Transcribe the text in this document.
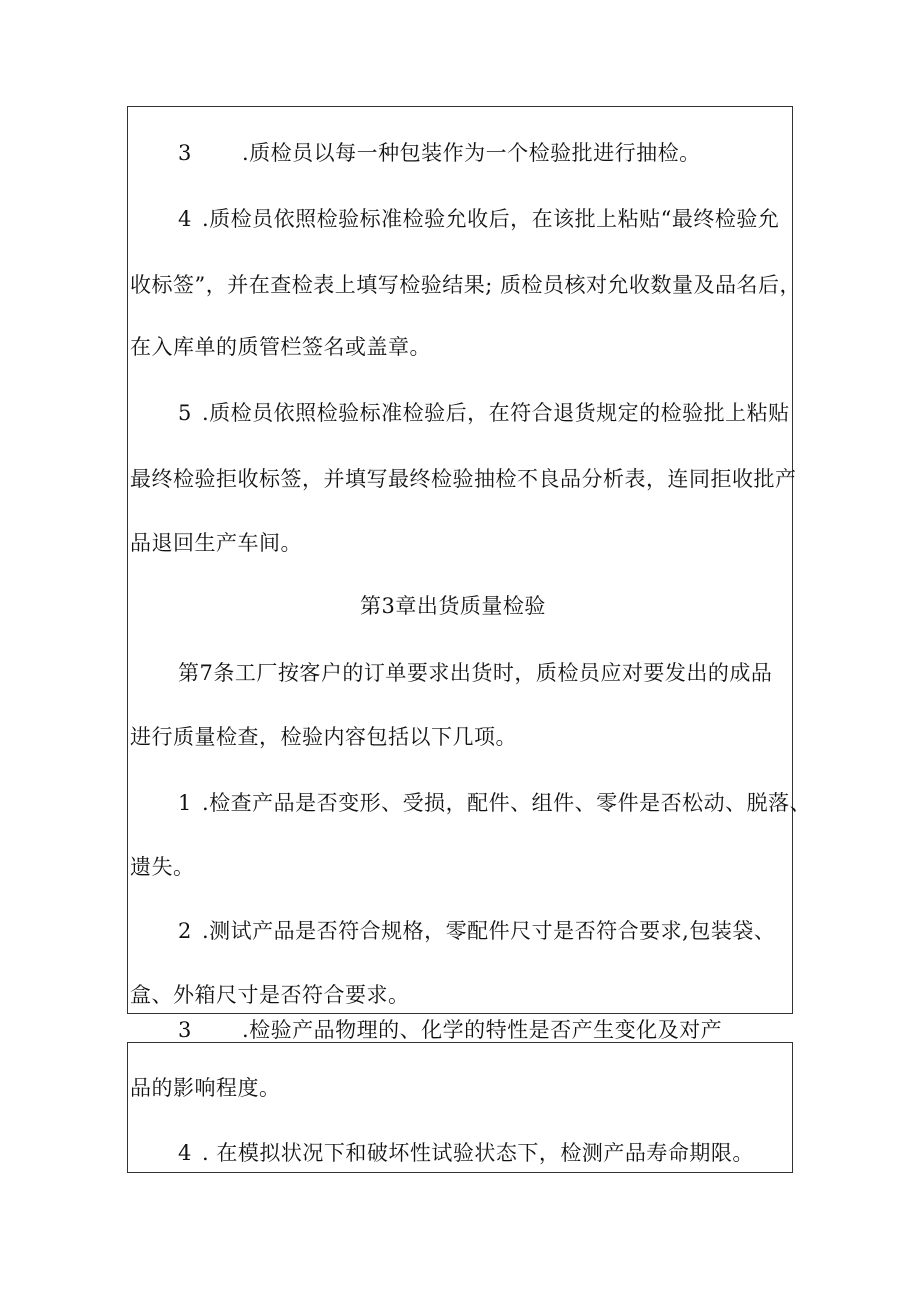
3 .质检员以每一种包装作为一个检验批进行抽检。
4 .质检员依照检验标准检验允收后，在该批上粘贴“最终检验允
收标签”，并在查检表上填写检验结果; 质检员核对允收数量及品名后，
在入库单的质管栏签名或盖章。
5 .质检员依照检验标准检验后，在符合退货规定的检验批上粘贴
最终检验拒收标签，并填写最终检验抽检不良品分析表，连同拒收批产
品退回生产车间。
第3章出货质量检验
第7条工厂按客户的订单要求出货时，质检员应对要发出的成品
进行质量检查，检验内容包括以下几项。
1 .检查产品是否变形、受损，配件、组件、零件是否松动、脱落、
遗失。
2 .测试产品是否符合规格，零配件尺寸是否符合要求,包装袋、
盒、外箱尺寸是否符合要求。
3 .检验产品物理的、化学的特性是否产生变化及对产
品的影响程度。
4 . 在模拟状况下和破坏性试验状态下，检测产品寿命期限。
